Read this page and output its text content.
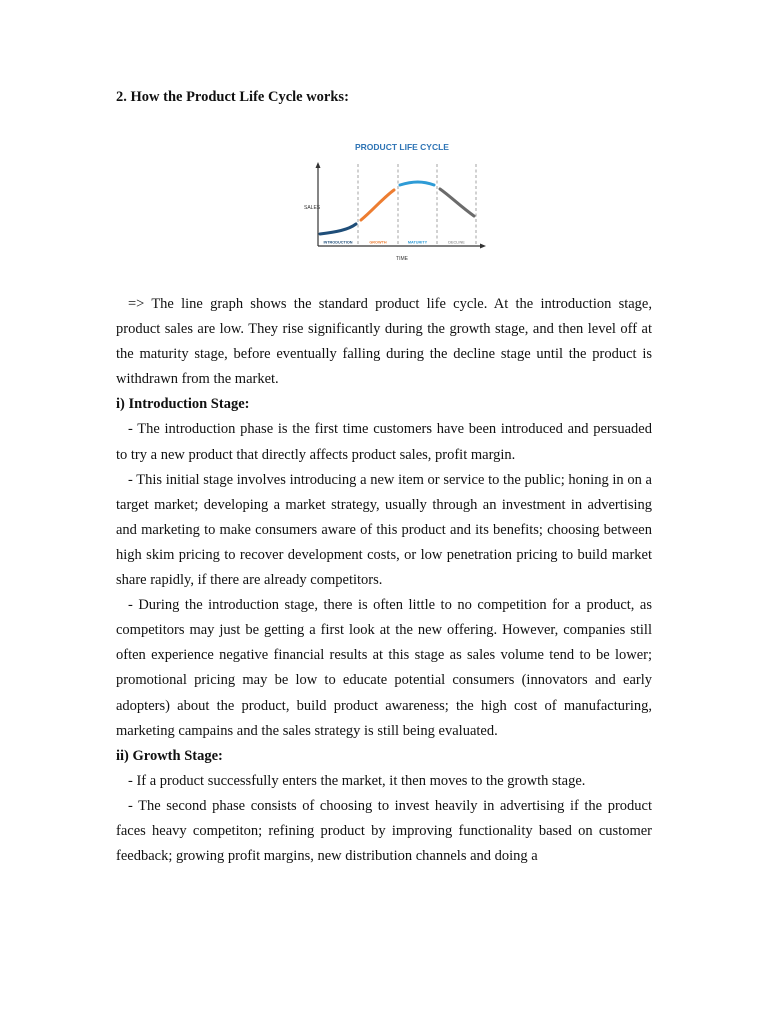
2. How the Product Life Cycle works:
PRODUCT LIFE CYCLE
SALES
TIME
INTRODUCTION	GROWTH	MATURITY	DECLINE

=> The line graph shows the standard product life cycle. At the introduction stage, product sales are low. They rise significantly during the growth stage, and then level off at the maturity stage, before eventually falling during the decline stage until the product is withdrawn from the market.

i) Introduction Stage:

- The introduction phase is the first time customers have been introduced and persuaded to try a new product that directly affects product sales, profit margin.

- This initial stage involves introducing a new item or service to the public; honing in on a target market; developing a market strategy, usually through an investment in advertising and marketing to make consumers aware of this product and its benefits; choosing between high skim pricing to recover development costs, or low penetration pricing to build market share rapidly, if there are already competitors.

- During the introduction stage, there is often little to no competition for a product, as competitors may just be getting a first look at the new offering. However, companies still often experience negative financial results at this stage as sales volume tend to be lower; promotional pricing may be low to educate potential consumers (innovators and early adopters) about the product, build product awareness; the high cost of manufacturing, marketing campains and the sales strategy is still being evaluated.

ii) Growth Stage:

- If a product successfully enters the market, it then moves to the growth stage.

- The second phase consists of choosing to invest heavily in advertising if the product faces heavy competiton; refining product by improving functionality based on customer feedback; growing profit margins, new distribution channels and doing a
